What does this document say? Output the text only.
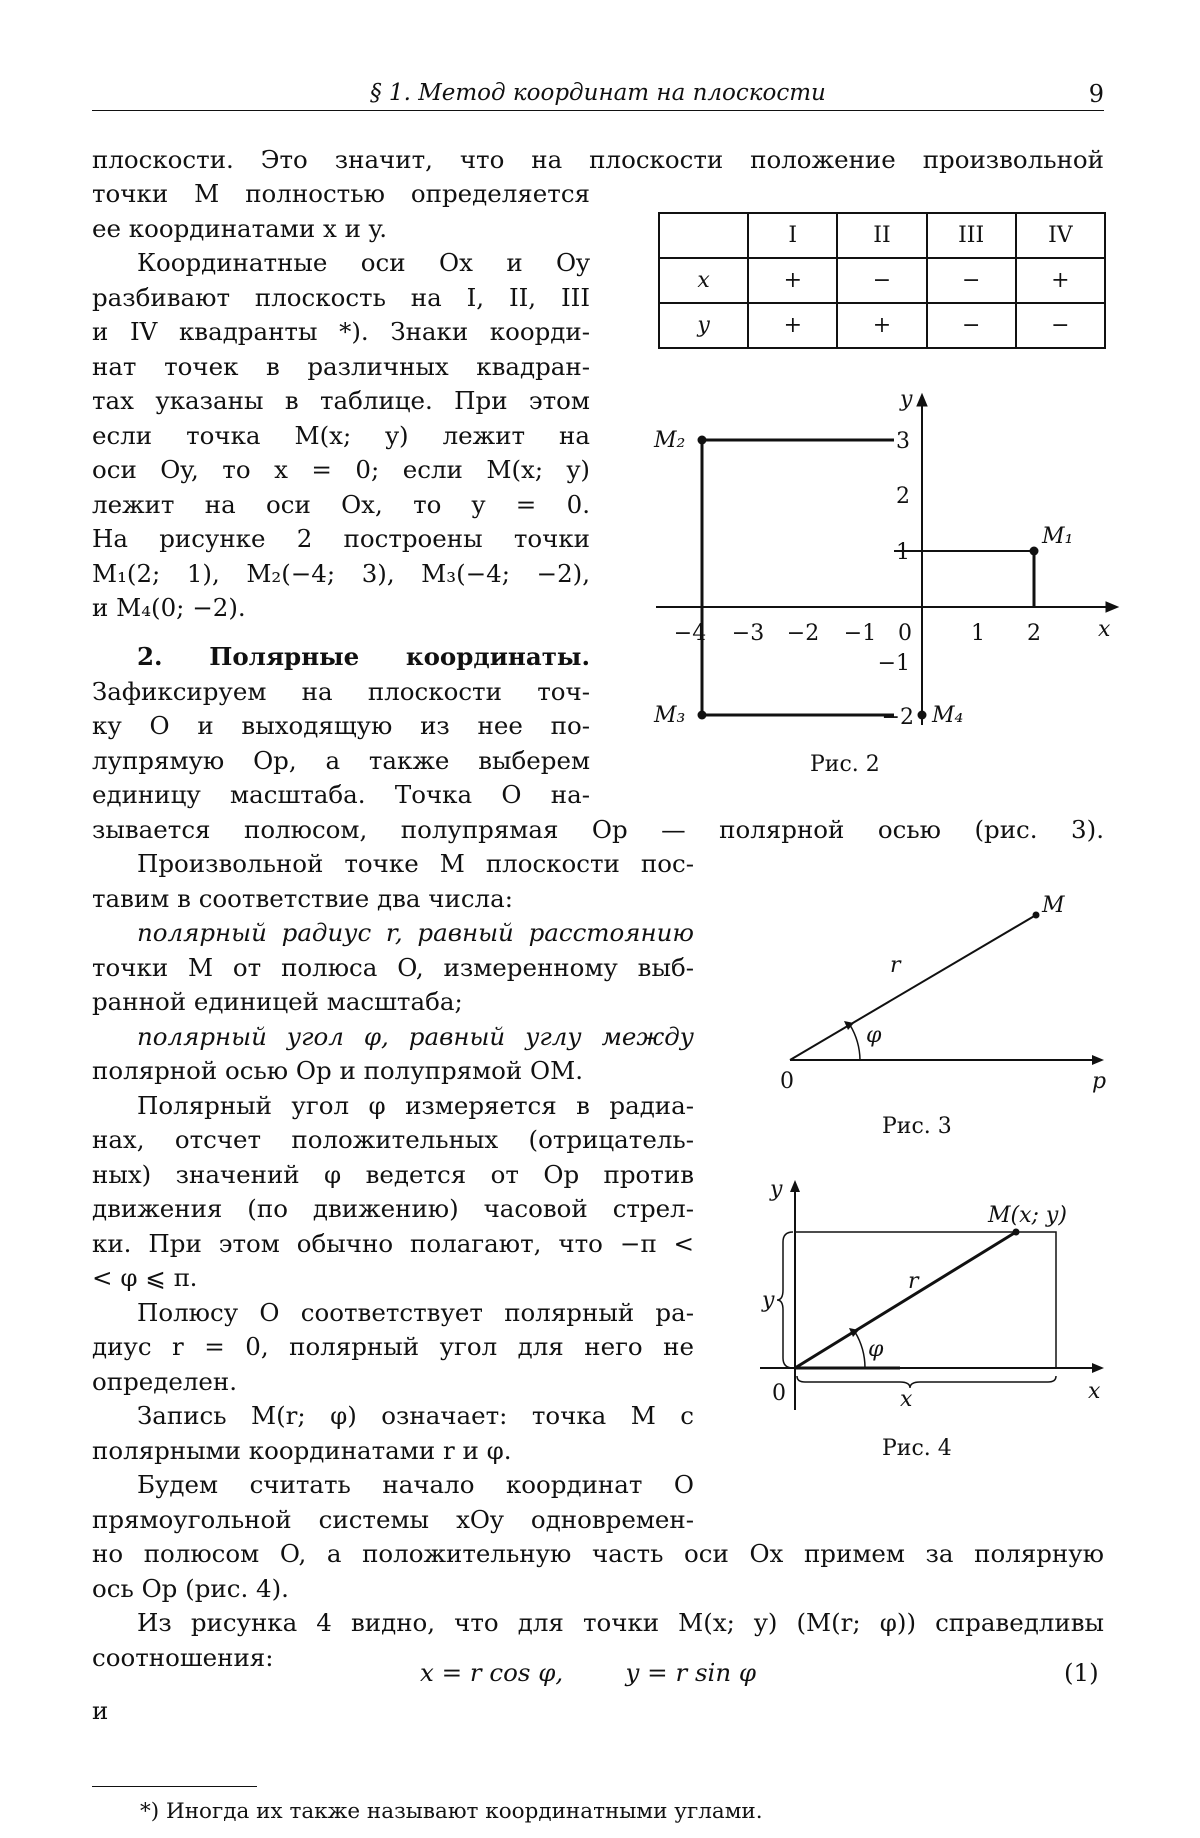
§ 1. Метод координат на плоскости	9
плоскости. Это значит, что на плоскости положение произвольной
точки M полностью определяется
ее координатами x и y.
Координатные оси Ox и Oy
разбивают плоскость на I, II, III
и IV квадранты *). Знаки коорди-
нат точек в различных квадран-
тах указаны в таблице. При этом
если точка M(x; y) лежит на
оси Oy, то x = 0; если M(x; y)
лежит на оси Ox, то y = 0.
На рисунке 2 построены точки
M₁(2; 1), M₂(−4; 3), M₃(−4; −2),
и M₄(0; −2).
2. Полярные координаты.
Зафиксируем на плоскости точ-
ку O и выходящую из нее по-
лупрямую Op, а также выберем
единицу масштаба. Точка O на-
зывается полюсом, полупрямая Op — полярной осью (рис. 3).
Произвольной точке M плоскости пос-
тавим в соответствие два числа:
полярный радиус r, равный расстоянию
точки M от полюса O, измеренному выб-
ранной единицей масштаба;
полярный угол φ, равный углу между
полярной осью Op и полупрямой OM.
Полярный угол φ измеряется в радиа-
нах, отсчет положительных (отрицатель-
ных) значений φ ведется от Op против
движения (по движению) часовой стрел-
ки. При этом обычно полагают, что −π <
< φ ⩽ π.
Полюсу O соответствует полярный ра-
диус r = 0, полярный угол для него не
определен.
Запись M(r; φ) означает: точка M с
полярными координатами r и φ.
Будем считать начало координат O
прямоугольной системы xOy одновремен-
но полюсом O, а положительную часть оси Ox примем за полярную
ось Op (рис. 4).
Из рисунка 4 видно, что для точки M(x; y) (M(r; φ)) справедливы
соотношения:
x = r cos φ,        y = r sin φ	(1)
и
*) Иногда их также называют координатными углами.
	I	II	III	IV
x	+	−	−	+
y	+	+	−	−
−4 −3 −2 −1 0	1 2
3
2
1
−1
−2
x
y
M₁
M₂
M₃	M₄
Рис. 2
0	p
M
r
φ
Рис. 3
0	x
y
M(x; y)
r
φ
x
y
Рис. 4
